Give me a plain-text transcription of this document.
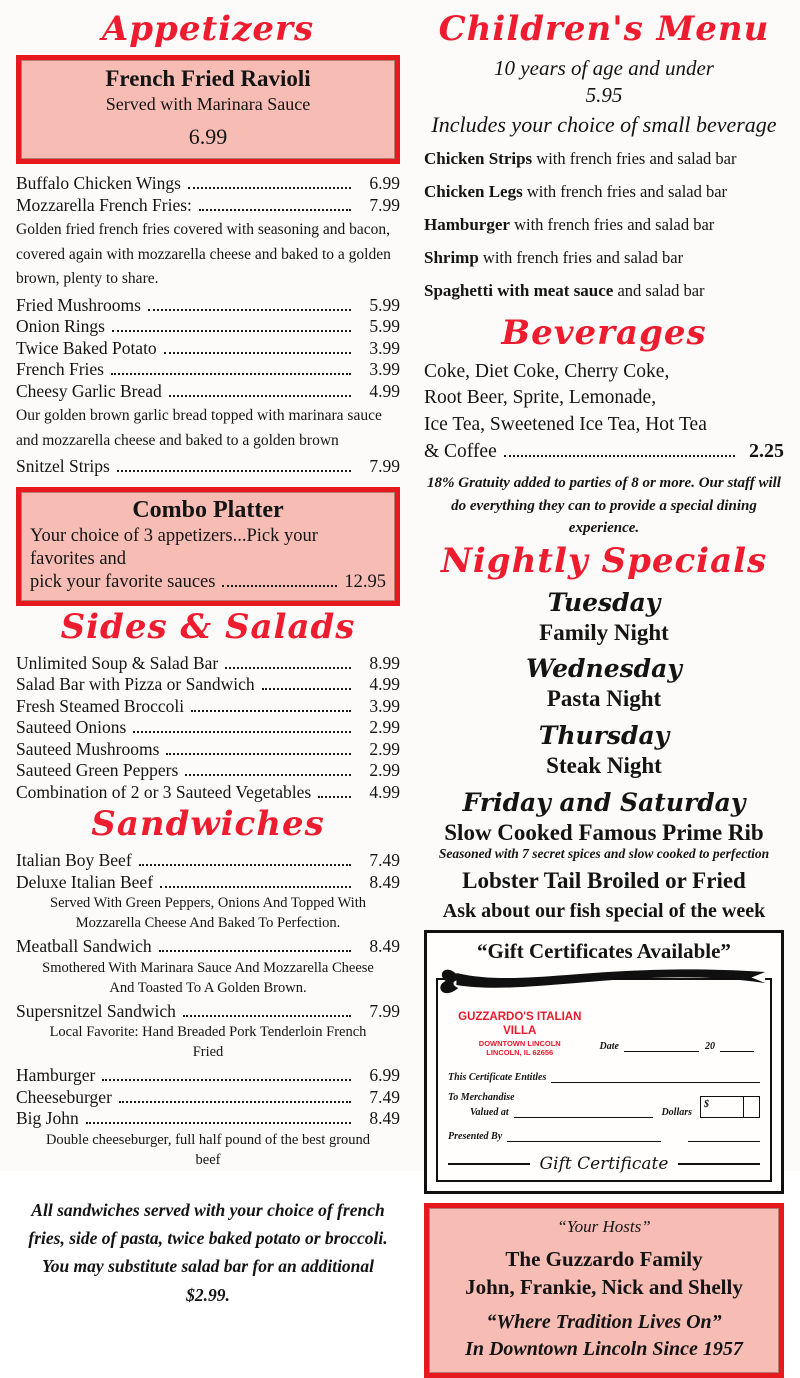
Appetizers
French Fried Ravioli
Served with Marinara Sauce
6.99
Buffalo Chicken Wings	6.99
Mozzarella French Fries:	7.99

Golden fried french fries covered with seasoning and bacon, covered again with mozzarella cheese and baked to a golden brown, plenty to share.

Fried Mushrooms	5.99
Onion Rings	5.99
Twice Baked Potato	3.99
French Fries	3.99
Cheesy Garlic Bread	4.99

Our golden brown garlic bread topped with marinara sauce and mozzarella cheese and baked to a golden brown

Snitzel Strips	7.99
Combo Platter
Your choice of 3 appetizers...Pick your favorites and
pick your favorite sauces	12.95
Sides & Salads
Unlimited Soup & Salad Bar	8.99
Salad Bar with Pizza or Sandwich	4.99
Fresh Steamed Broccoli	3.99
Sauteed Onions	2.99
Sauteed Mushrooms	2.99
Sauteed Green Peppers	2.99
Combination of 2 or 3 Sauteed Vegetables	4.99
Sandwiches
Italian Boy Beef	7.49
Deluxe Italian Beef	8.49

Served With Green Peppers, Onions And Topped With Mozzarella Cheese And Baked To Perfection.

Meatball Sandwich	8.49

Smothered With Marinara Sauce And Mozzarella Cheese And Toasted To A Golden Brown.

Supersnitzel Sandwich	7.99

Local Favorite: Hand Breaded Pork Tenderloin French Fried

Hamburger	6.99
Cheeseburger	7.49
Big John	8.49

Double cheeseburger, full half pound of the best ground beef

All sandwiches served with your choice of french fries, side of pasta, twice baked potato or broccoli. You may substitute salad bar for an additional $2.99.

Children's Menu

10 years of age and under

5.95

Includes your choice of small beverage

Chicken Strips with french fries and salad bar

Chicken Legs with french fries and salad bar

Hamburger with french fries and salad bar

Shrimp with french fries and salad bar

Spaghetti with meat sauce and salad bar

Beverages

Coke, Diet Coke, Cherry Coke,

Root Beer, Sprite, Lemonade,

Ice Tea, Sweetened Ice Tea, Hot Tea

& Coffee	2.25

18% Gratuity added to parties of 8 or more. Our staff will do everything they can to provide a special dining experience.

Nightly Specials

Tuesday

Family Night

Wednesday

Pasta Night

Thursday

Steak Night

Friday and Saturday

Slow Cooked Famous Prime Rib

Seasoned with 7 secret spices and slow cooked to perfection

Lobster Tail Broiled or Fried

Ask about our fish special of the week

“Gift Certificates Available”
GUZZARDO'S ITALIAN VILLA
DOWNTOWN LINCOLN
LINCOLN, IL 62656
Date	20
This Certificate Entitles
To Merchandise
Valued at	Dollars
$
Presented By
Gift Certificate

“Your Hosts”

The Guzzardo Family

John, Frankie, Nick and Shelly

“Where Tradition Lives On”

In Downtown Lincoln Since 1957
